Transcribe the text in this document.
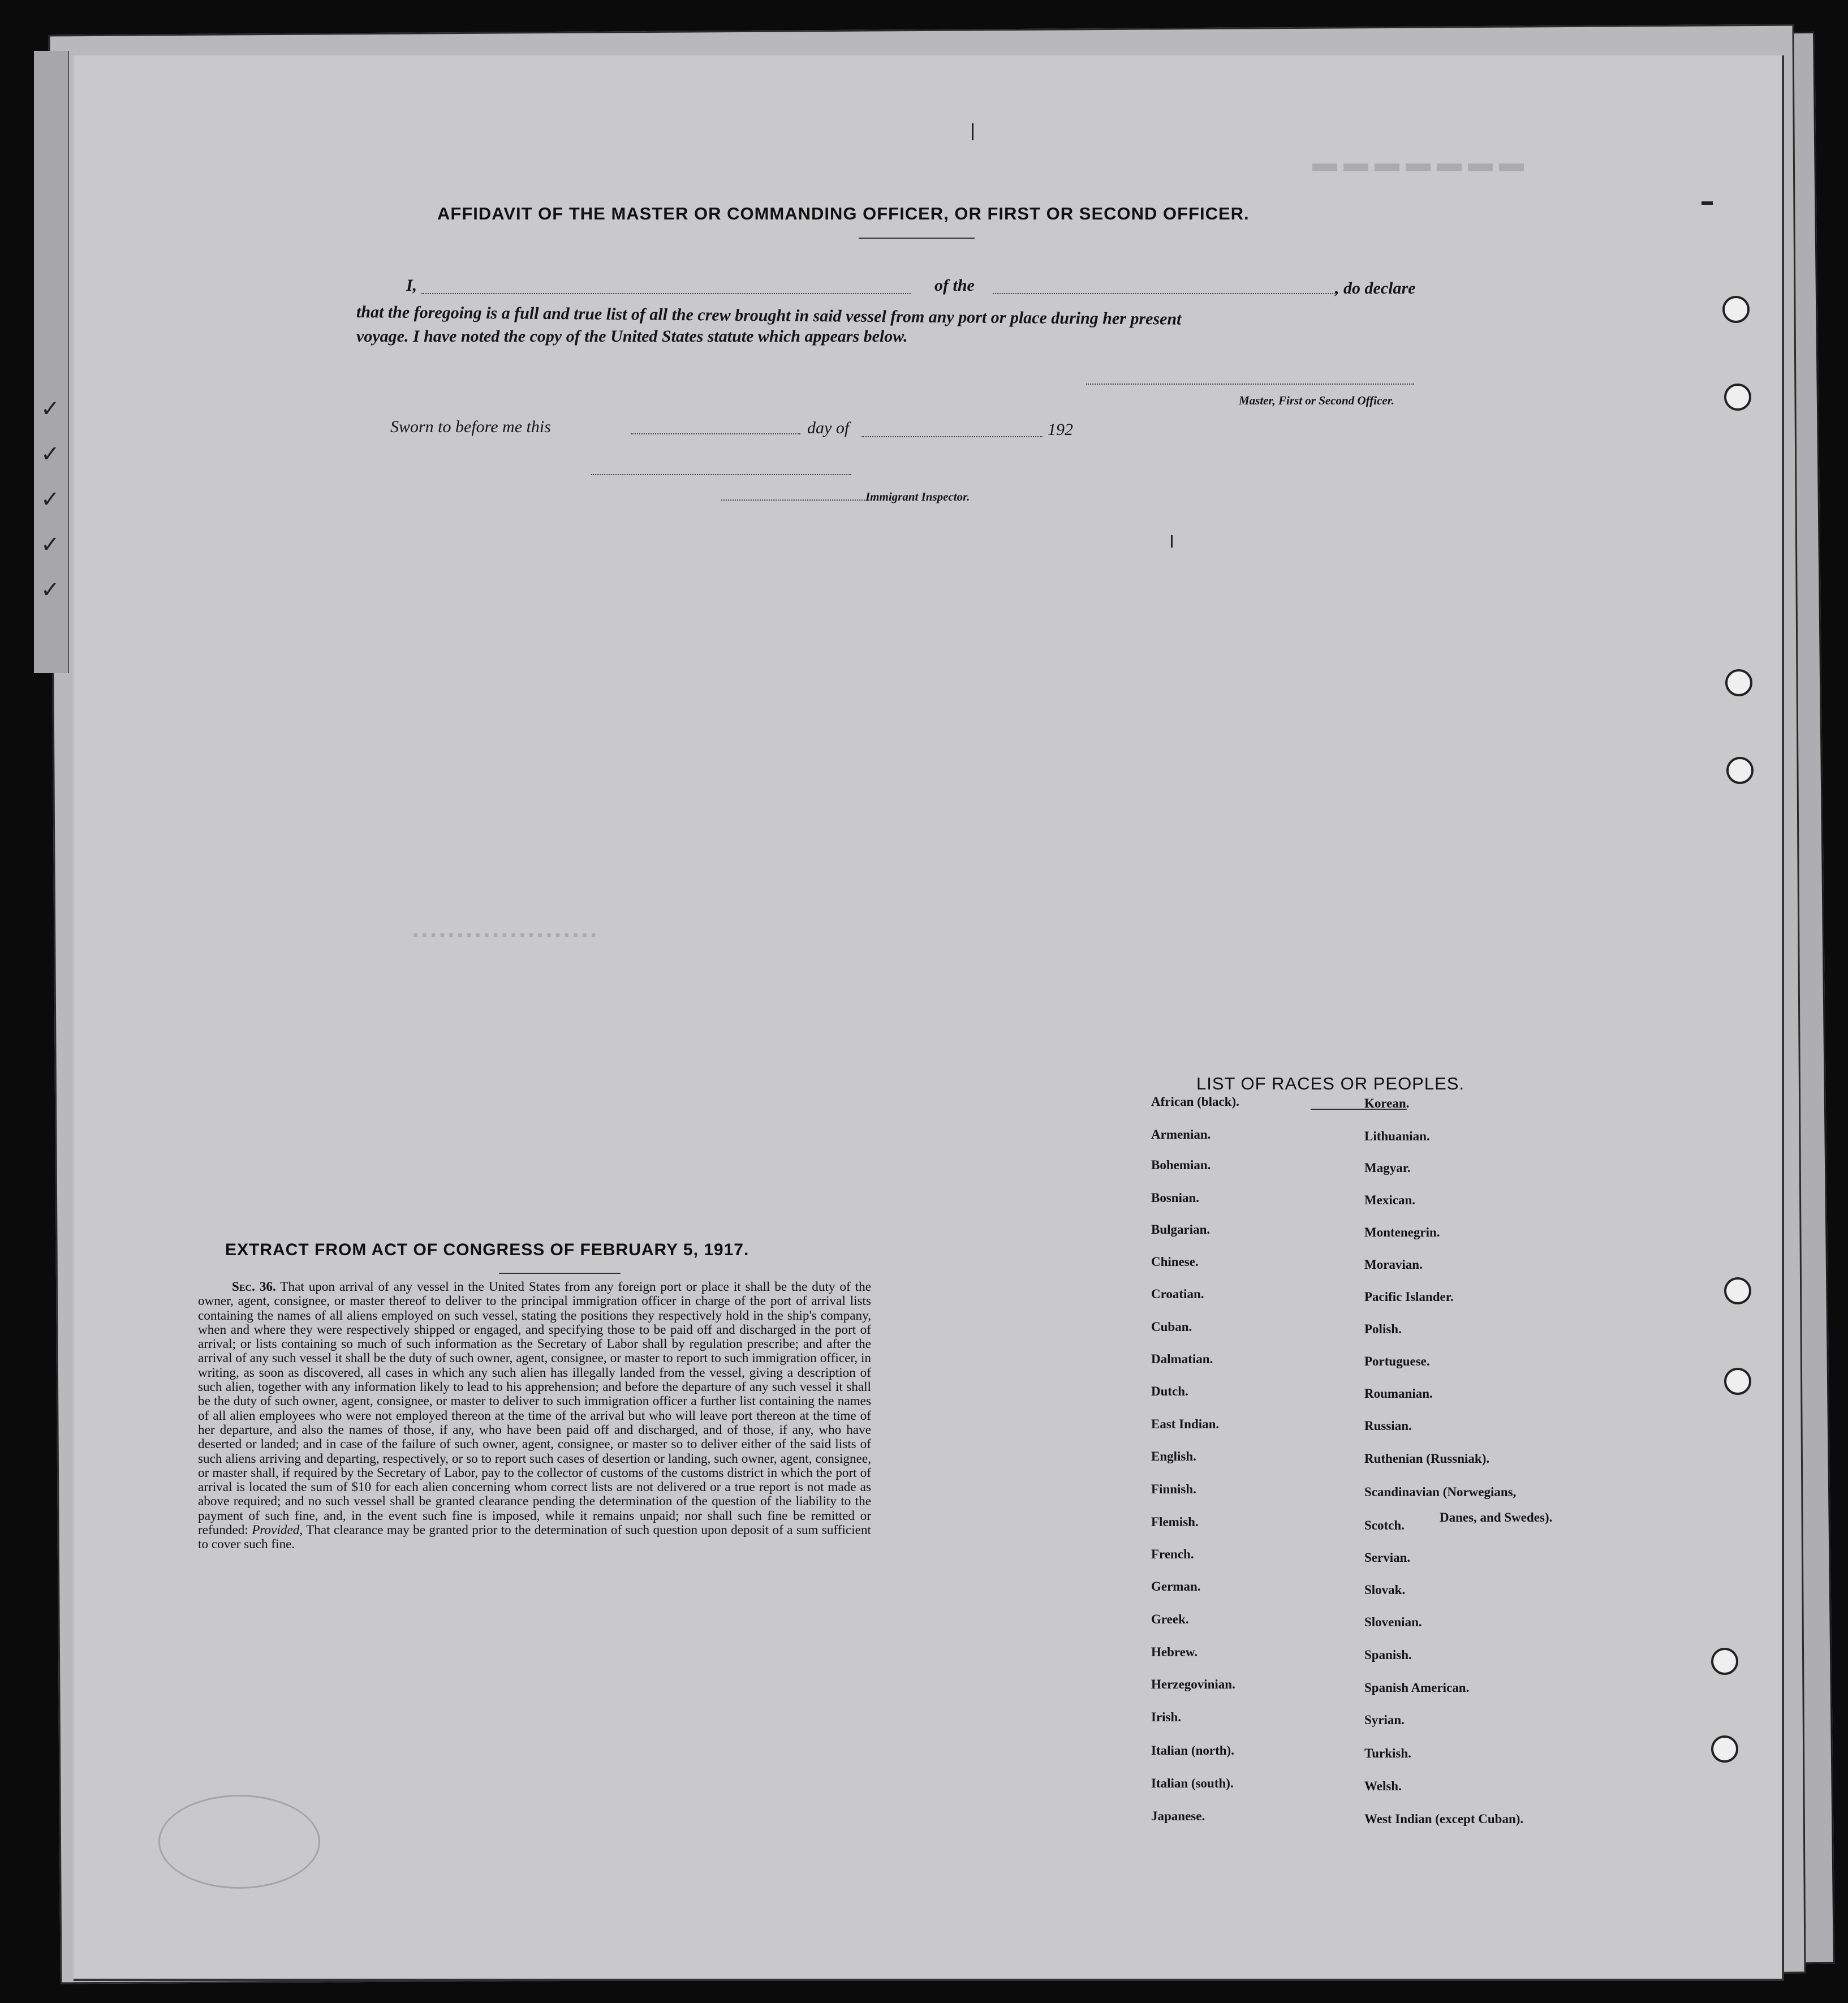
✓
✓
✓
✓
✓
▬ ▬ ▬ ▬ ▬ ▬ ▬
▪ ▪ ▪ ▪ ▪ ▪ ▪ ▪ ▪ ▪ ▪ ▪ ▪ ▪ ▪ ▪ ▪ ▪ ▪ ▪ ▪
AFFIDAVIT OF THE MASTER OR COMMANDING OFFICER, OR FIRST OR SECOND OFFICER.
I,	of the	, do declare
that the foregoing is a full and true list of all the crew brought in said vessel from any port or place during her present
voyage. I have noted the copy of the United States statute which appears below.
Master, First or Second Officer.
Sworn to before me this	day of	192
Immigrant Inspector.
EXTRACT FROM ACT OF CONGRESS OF FEBRUARY 5, 1917.

Sec. 36. That upon arrival of any vessel in the United States from any foreign port or place it shall be the duty of the owner, agent, consignee, or master thereof to deliver to the principal immigration officer in charge of the port of arrival lists containing the names of all aliens employed on such vessel, stating the positions they respectively hold in the ship's company, when and where they were respectively shipped or engaged, and specifying those to be paid off and discharged in the port of arrival; or lists containing so much of such information as the Secretary of Labor shall by regulation prescribe; and after the arrival of any such vessel it shall be the duty of such owner, agent, consignee, or master to report to such immigration officer, in writing, as soon as discovered, all cases in which any such alien has illegally landed from the vessel, giving a description of such alien, together with any information likely to lead to his apprehension; and before the departure of any such vessel it shall be the duty of such owner, agent, consignee, or master to deliver to such immigration officer a further list containing the names of all alien employees who were not employed thereon at the time of the arrival but who will leave port thereon at the time of her departure, and also the names of those, if any, who have been paid off and discharged, and of those, if any, who have deserted or landed; and in case of the failure of such owner, agent, consignee, or master so to deliver either of the said lists of such aliens arriving and departing, respectively, or so to report such cases of desertion or landing, such owner, agent, consignee, or master shall, if required by the Secretary of Labor, pay to the collector of customs of the customs district in which the port of arrival is located the sum of $10 for each alien concerning whom correct lists are not delivered or a true report is not made as above required; and no such vessel shall be granted clearance pending the determination of the question of the liability to the payment of such fine, and, in the event such fine is imposed, while it remains unpaid; nor shall such fine be remitted or refunded: Provided, That clearance may be granted prior to the determination of such question upon deposit of a sum sufficient to cover such fine.

LIST OF RACES OR PEOPLES.
Danes, and Swedes).
African (black).
Armenian.
Bohemian.
Bosnian.
Bulgarian.
Chinese.
Croatian.
Cuban.
Dalmatian.
Dutch.
East Indian.
English.
Finnish.
Flemish.
French.
German.
Greek.
Hebrew.
Herzegovinian.
Irish.
Italian (north).
Italian (south).
Japanese.
Korean.
Lithuanian.
Magyar.
Mexican.
Montenegrin.
Moravian.
Pacific Islander.
Polish.
Portuguese.
Roumanian.
Russian.
Ruthenian (Russniak).
Scandinavian (Norwegians,
Scotch.
Servian.
Slovak.
Slovenian.
Spanish.
Spanish American.
Syrian.
Turkish.
Welsh.
West Indian (except Cuban).
